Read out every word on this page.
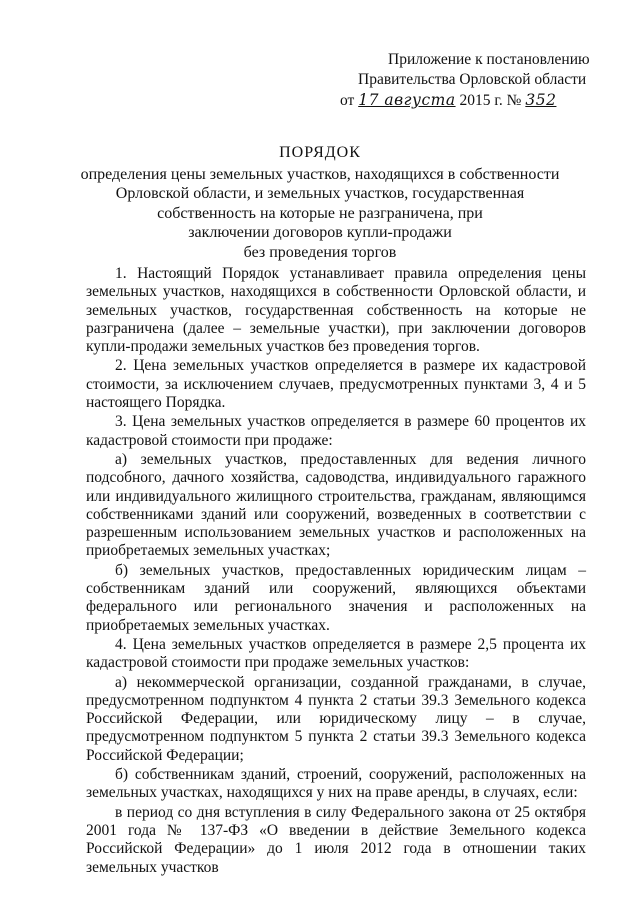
Приложение к постановлению
Правительства Орловской области
от 17 августа 2015 г. № 352
ПОРЯДОК
определения цены земельных участков, находящихся в собственности
Орловской области, и земельных участков, государственная
собственность на которые не разграничена, при
заключении договоров купли-продажи
без проведения торгов

1. Настоящий Порядок устанавливает правила определения цены земельных участков, находящихся в собственности Орловской области, и земельных участков, государственная собственность на которые не разграничена (далее – земельные участки), при заключении договоров купли-продажи земельных участков без проведения торгов.

2. Цена земельных участков определяется в размере их кадастровой стоимости, за исключением случаев, предусмотренных пунктами 3, 4 и 5 настоящего Порядка.

3. Цена земельных участков определяется в размере 60 процентов их кадастровой стоимости при продаже:

а) земельных участков, предоставленных для ведения личного подсобного, дачного хозяйства, садоводства, индивидуального гаражного или индивидуального жилищного строительства, гражданам, являющимся собственниками зданий или сооружений, возведенных в соответствии с разрешенным использованием земельных участков и расположенных на приобретаемых земельных участках;

б) земельных участков, предоставленных юридическим лицам – собственникам зданий или сооружений, являющихся объектами федерального или регионального значения и расположенных на приобретаемых земельных участках.

4. Цена земельных участков определяется в размере 2,5 процента их кадастровой стоимости при продаже земельных участков:

а) некоммерческой организации, созданной гражданами, в случае, предусмотренном подпунктом 4 пункта 2 статьи 39.3 Земельного кодекса Российской Федерации, или юридическому лицу – в случае, предусмотренном подпунктом 5 пункта 2 статьи 39.3 Земельного кодекса Российской Федерации;

б) собственникам зданий, строений, сооружений, расположенных на земельных участках, находящихся у них на праве аренды, в случаях, если:

в период со дня вступления в силу Федерального закона от 25 октября 2001 года № 137-ФЗ «О введении в действие Земельного кодекса Российской Федерации» до 1 июля 2012 года в отношении таких земельных участков
